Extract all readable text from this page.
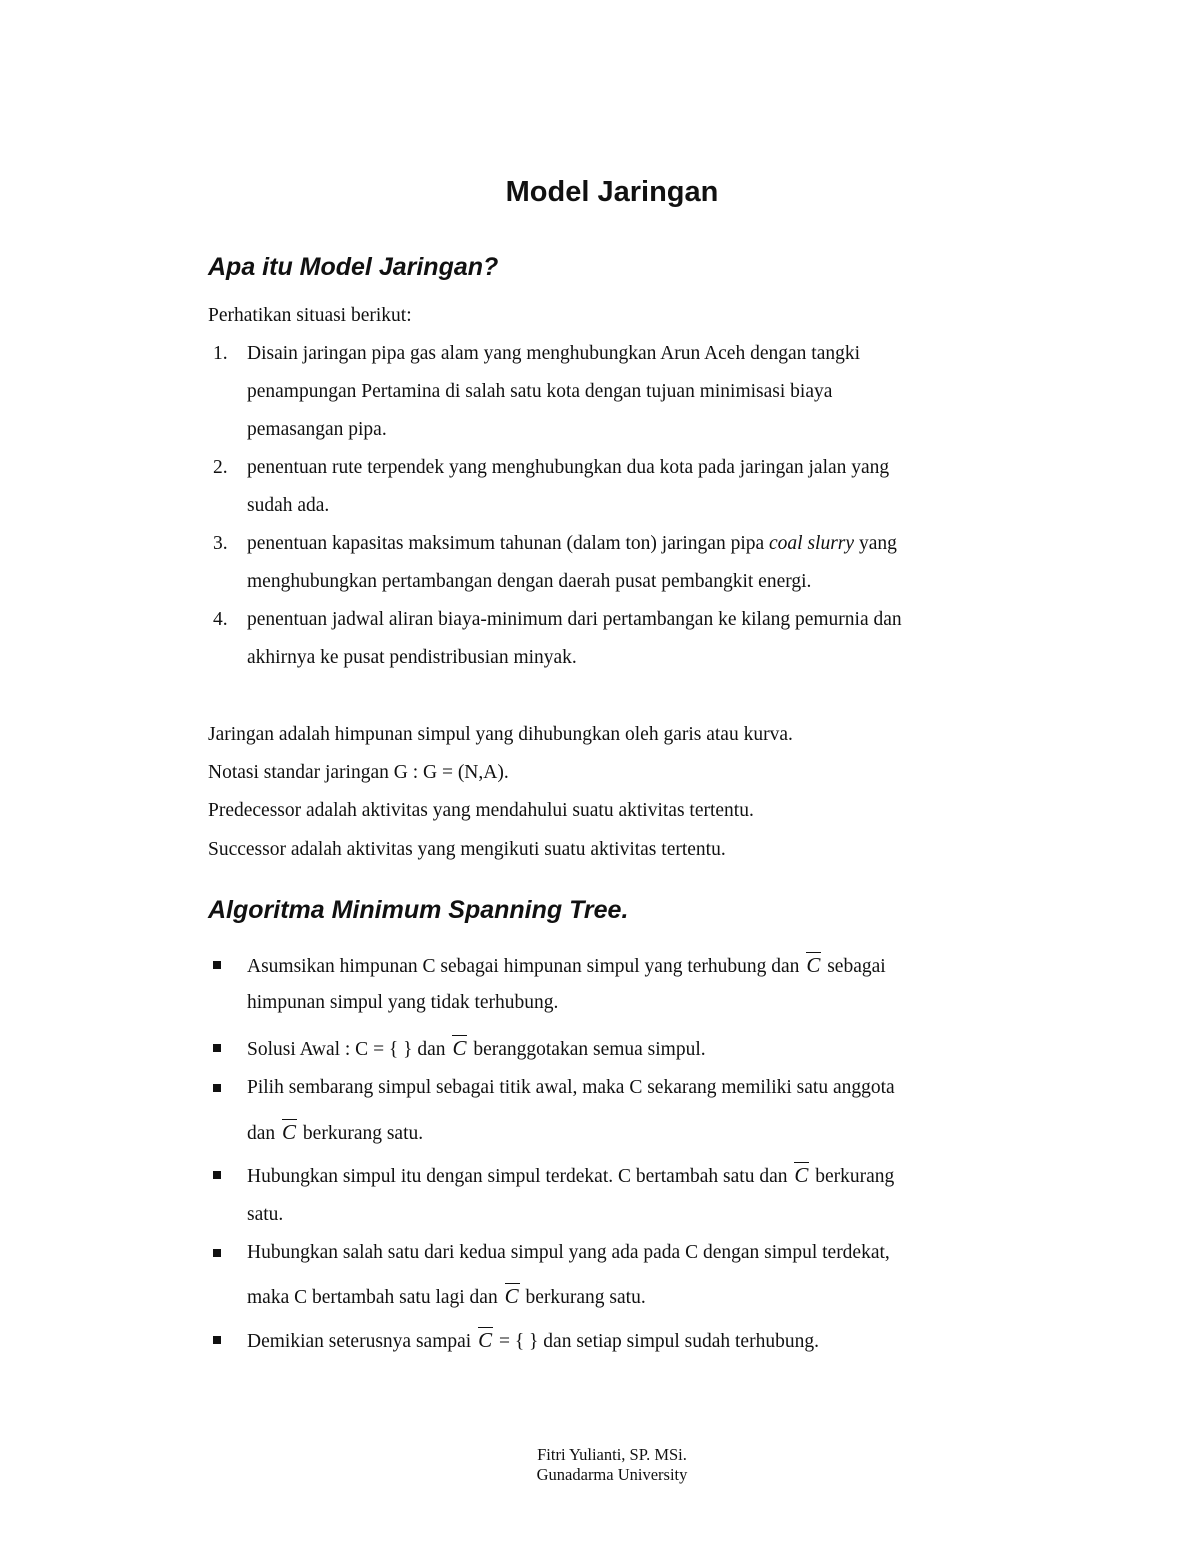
Model Jaringan
Apa itu Model Jaringan?
Perhatikan situasi berikut:
1. Disain jaringan pipa gas alam yang menghubungkan Arun Aceh dengan tangki
penampungan Pertamina di salah satu kota dengan tujuan minimisasi biaya
pemasangan pipa.
2. penentuan rute terpendek yang menghubungkan dua kota pada jaringan jalan yang
sudah ada.
3. penentuan kapasitas maksimum tahunan (dalam ton) jaringan pipa coal slurry yang
menghubungkan pertambangan dengan daerah pusat pembangkit energi.
4. penentuan jadwal aliran biaya-minimum dari pertambangan ke kilang pemurnia dan
akhirnya ke pusat pendistribusian minyak.
Jaringan adalah himpunan simpul yang dihubungkan oleh garis atau kurva.
Notasi standar jaringan G : G = (N,A).
Predecessor adalah aktivitas yang mendahului suatu aktivitas tertentu.
Successor adalah aktivitas yang mengikuti suatu aktivitas tertentu.
Algoritma Minimum Spanning Tree.
Asumsikan himpunan C sebagai himpunan simpul yang terhubung dan C sebagai
himpunan simpul yang tidak terhubung.
Solusi Awal : C = { } dan C beranggotakan semua simpul.
Pilih sembarang simpul sebagai titik awal, maka C sekarang memiliki satu anggota
dan C berkurang satu.
Hubungkan simpul itu dengan simpul terdekat. C bertambah satu dan C berkurang
satu.
Hubungkan salah satu dari kedua simpul yang ada pada C dengan simpul terdekat,
maka C bertambah satu lagi dan C berkurang satu.
Demikian seterusnya sampai C = { } dan setiap simpul sudah terhubung.
Fitri Yulianti, SP. MSi.
Gunadarma University
